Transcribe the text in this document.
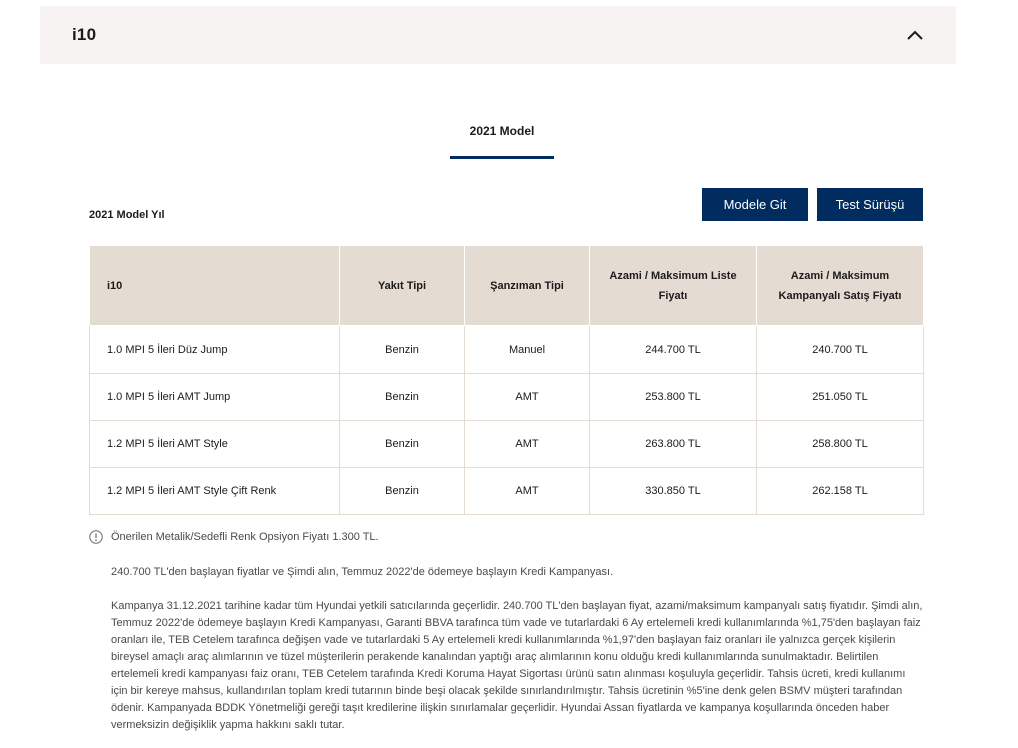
i10
2021 Model
2021 Model Yıl
Modele Git	Test Sürüşü
i10	Yakıt Tipi	Şanzıman Tipi	Azami / Maksimum Liste Fiyatı	Azami / Maksimum Kampanyalı Satış Fiyatı
1.0 MPI 5 İleri Düz Jump	Benzin	Manuel	244.700 TL	240.700 TL
1.0 MPI 5 İleri AMT Jump	Benzin	AMT	253.800 TL	251.050 TL
1.2 MPI 5 İleri AMT Style	Benzin	AMT	263.800 TL	258.800 TL
1.2 MPI 5 İleri AMT Style Çift Renk	Benzin	AMT	330.850 TL	262.158 TL
Önerilen Metalik/Sedefli Renk Opsiyon Fiyatı 1.300 TL.

240.700 TL'den başlayan fiyatlar ve Şimdi alın, Temmuz 2022'de ödemeye başlayın Kredi Kampanyası.

Kampanya 31.12.2021 tarihine kadar tüm Hyundai yetkili satıcılarında geçerlidir. 240.700 TL'den başlayan fiyat, azami/maksimum kampanyalı satış fiyatıdır. Şimdi alın, Temmuz 2022'de ödemeye başlayın Kredi Kampanyası, Garanti BBVA tarafınca tüm vade ve tutarlardaki 6 Ay ertelemeli kredi kullanımlarında %1,75'den başlayan faiz oranları ile, TEB Cetelem tarafınca değişen vade ve tutarlardaki 5 Ay ertelemeli kredi kullanımlarında %1,97'den başlayan faiz oranları ile yalnızca gerçek kişilerin bireysel amaçlı araç alımlarının ve tüzel müşterilerin perakende kanalından yaptığı araç alımlarının konu olduğu kredi kullanımlarında sunulmaktadır. Belirtilen ertelemeli kredi kampanyası faiz oranı, TEB Cetelem tarafında Kredi Koruma Hayat Sigortası ürünü satın alınması koşuluyla geçerlidir. Tahsis ücreti, kredi kullanımı için bir kereye mahsus, kullandırılan toplam kredi tutarının binde beşi olacak şekilde sınırlandırılmıştır. Tahsis ücretinin %5'ine denk gelen BSMV müşteri tarafından ödenir. Kampanyada BDDK Yönetmeliği gereği taşıt kredilerine ilişkin sınırlamalar geçerlidir. Hyundai Assan fiyatlarda ve kampanya koşullarında önceden haber vermeksizin değişiklik yapma hakkını saklı tutar.
